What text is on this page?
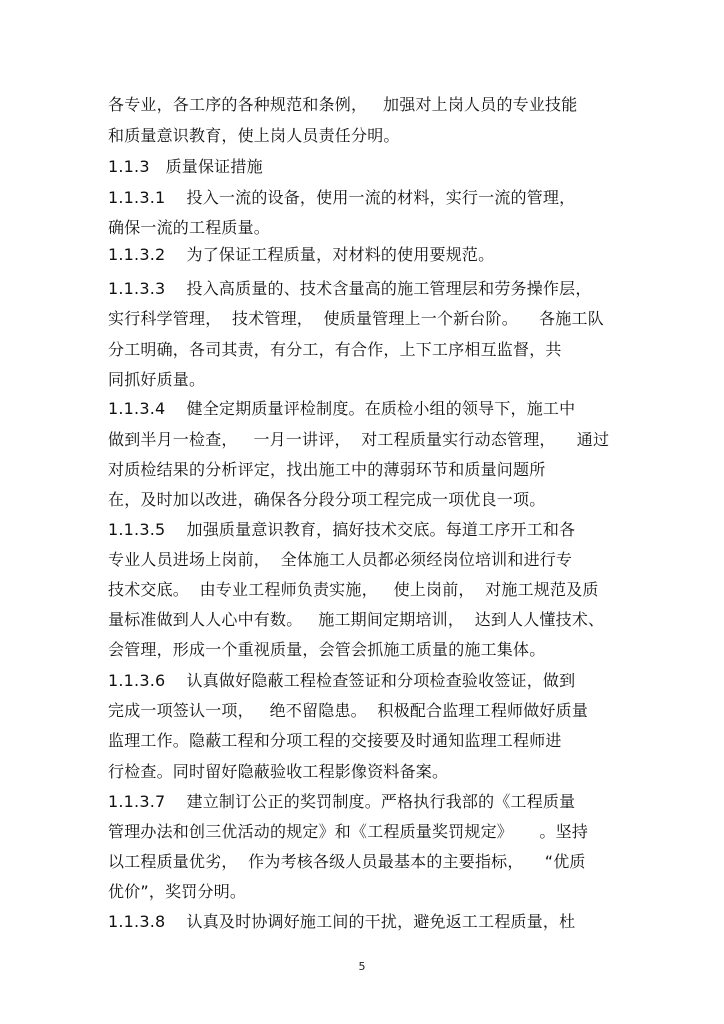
各专业，各工序的各种规范和条例，   加强对上岗人员的专业技能
和质量意识教育，使上岗人员责任分明。
1.1.3   质量保证措施
1.1.3.1    投入一流的设备，使用一流的材料，实行一流的管理，
确保一流的工程质量。
1.1.3.2    为了保证工程质量，对材料的使用要规范。
1.1.3.3    投入高质量的、技术含量高的施工管理层和劳务操作层，
实行科学管理，  技术管理，  使质量管理上一个新台阶。    各施工队
分工明确，各司其责，有分工，有合作，上下工序相互监督，共
同抓好质量。
1.1.3.4    健全定期质量评检制度。在质检小组的领导下，施工中
做到半月一检查，   一月一讲评，  对工程质量实行动态管理，    通过
对质检结果的分析评定，找出施工中的薄弱环节和质量问题所
在，及时加以改进，确保各分段分项工程完成一项优良一项。
1.1.3.5    加强质量意识教育，搞好技术交底。每道工序开工和各
专业人员进场上岗前，  全体施工人员都必须经岗位培训和进行专
技术交底。  由专业工程师负责实施，   使上岗前，  对施工规范及质
量标准做到人人心中有数。   施工期间定期培训，  达到人人懂技术、
会管理，形成一个重视质量，会管会抓施工质量的施工集体。
1.1.3.6    认真做好隐蔽工程检查签证和分项检查验收签证，做到
完成一项签认一项，   绝不留隐患。  积极配合监理工程师做好质量
监理工作。隐蔽工程和分项工程的交接要及时通知监理工程师进
行检查。同时留好隐蔽验收工程影像资料备案。
1.1.3.7    建立制订公正的奖罚制度。严格执行我部的《工程质量
管理办法和创三优活动的规定》和《工程质量奖罚规定》     。坚持
以工程质量优劣，  作为考核各级人员最基本的主要指标，    “优质
优价”，奖罚分明。
1.1.3.8    认真及时协调好施工间的干扰，避免返工工程质量，杜
5
